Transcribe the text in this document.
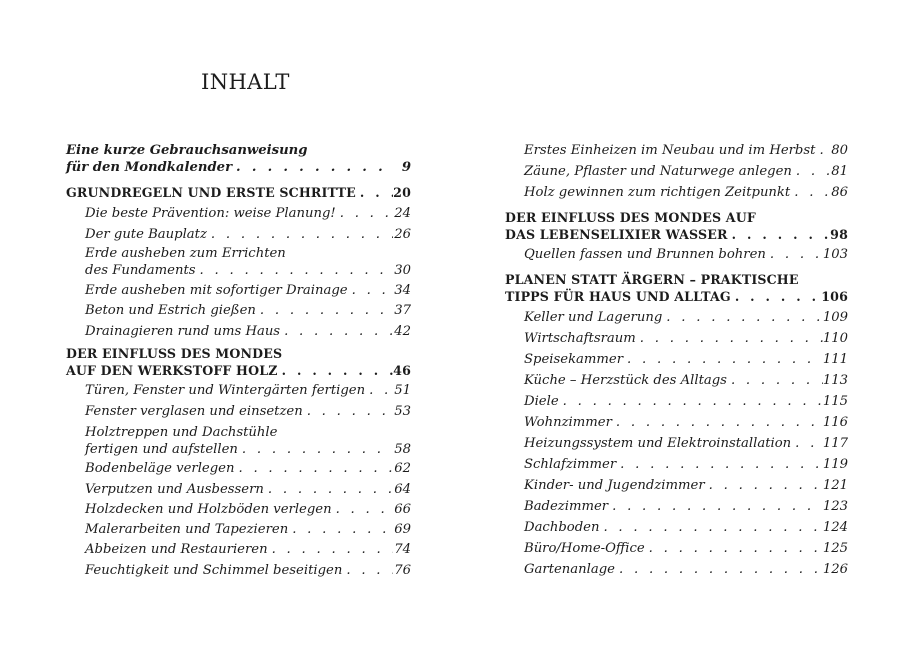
INHALT
Eine kurze Gebrauchsanweisung
für den Mondkalender . . .	9
GRUNDREGELN UND ERSTE SCHRITTE . . .	20
Die beste Prävention: weise Planung! . . .	24
Der gute Bauplatz . . .	26
Erde ausheben zum Errichten
des Fundaments . . .	30
Erde ausheben mit sofortiger Drainage . . .	34
Beton und Estrich gießen . . .	37
Drainagieren rund ums Haus . . .	42
DER EINFLUSS DES MONDES
AUF DEN WERKSTOFF HOLZ . . .	46
Türen, Fenster und Wintergärten fertigen . . . 51
Fenster verglasen und einsetzen . . .	53
Holztreppen und Dachstühle
fertigen und aufstellen . . .	58
Bodenbeläge verlegen . . .	62
Verputzen und Ausbessern . . .	64
Holzdecken und Holzböden verlegen . . .	66
Malerarbeiten und Tapezieren . . .	69
Abbeizen und Restaurieren . . .	74
Feuchtigkeit und Schimmel beseitigen . . .	76
Erstes Einheizen im Neubau und im Herbst . . . 80
Zäune, Pflaster und Naturwege anlegen . . .	81
Holz gewinnen zum richtigen Zeitpunkt . . .	86
DER EINFLUSS DES MONDES AUF
DAS LEBENSELIXIER WASSER . . .	98
Quellen fassen und Brunnen bohren . . .	103
PLANEN STATT ÄRGERN – PRAKTISCHE
TIPPS FÜR HAUS UND ALLTAG . . .	106
Keller und Lagerung . . .	109
Wirtschaftsraum . . .	110
Speisekammer . . .	111
Küche – Herzstück des Alltags . . .	113
Diele . . .	115
Wohnzimmer . . .	116
Heizungssystem und Elektroinstallation . . . 117
Schlafzimmer . . .	119
Kinder- und Jugendzimmer . . .	121
Badezimmer . . .	123
Dachboden . . .	124
Büro/Home-Office . . .	125
Gartenanlage . . .	126
